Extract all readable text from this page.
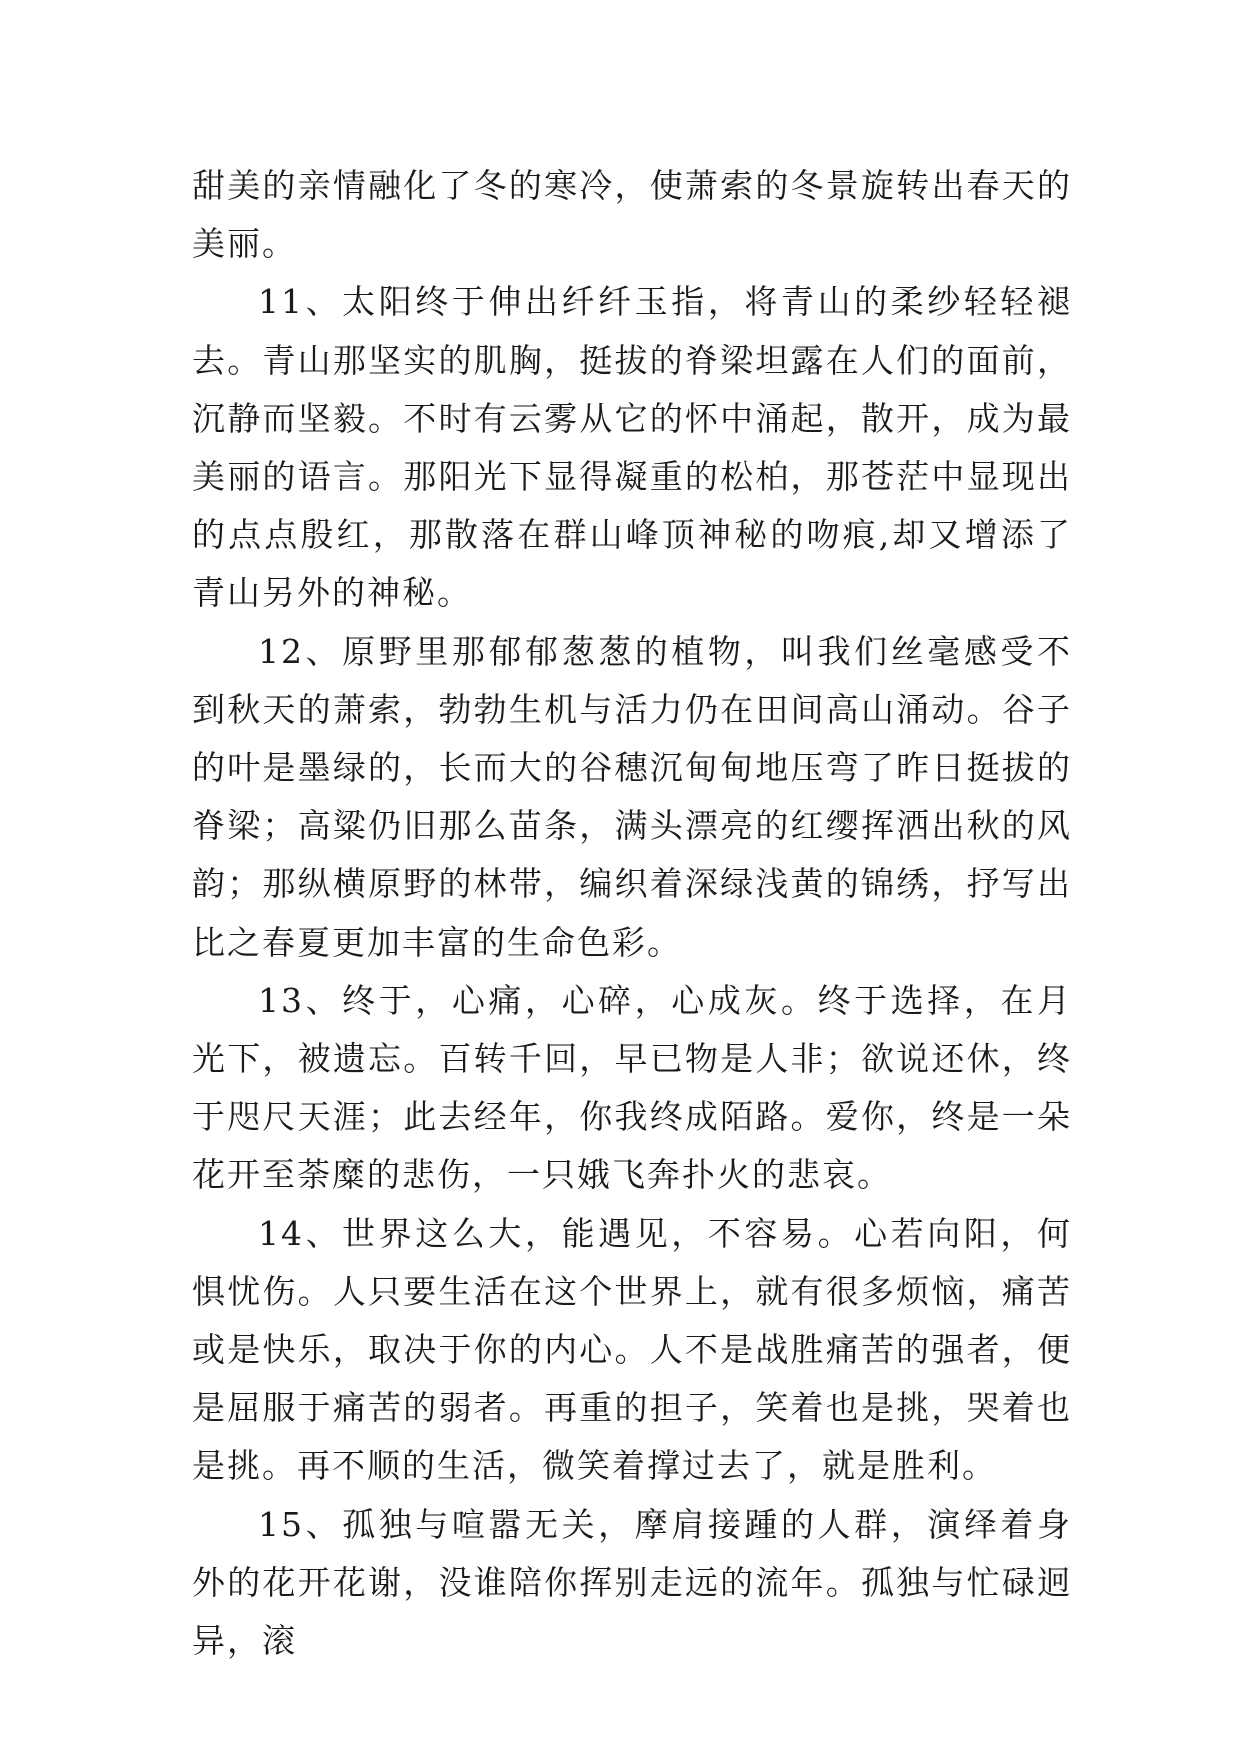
甜美的亲情融化了冬的寒冷，使萧索的冬景旋转出春天的美丽。

11、太阳终于伸出纤纤玉指，将青山的柔纱轻轻褪去。青山那坚实的肌胸，挺拔的脊梁坦露在人们的面前，沉静而坚毅。不时有云雾从它的怀中涌起，散开，成为最美丽的语言。那阳光下显得凝重的松柏，那苍茫中显现出的点点殷红，那散落在群山峰顶神秘的吻痕,却又增添了青山另外的神秘。

12、原野里那郁郁葱葱的植物，叫我们丝毫感受不到秋天的萧索，勃勃生机与活力仍在田间高山涌动。谷子的叶是墨绿的，长而大的谷穗沉甸甸地压弯了昨日挺拔的脊梁；高粱仍旧那么苗条，满头漂亮的红缨挥洒出秋的风韵；那纵横原野的林带，编织着深绿浅黄的锦绣，抒写出比之春夏更加丰富的生命色彩。

13、终于，心痛，心碎，心成灰。终于选择，在月光下，被遗忘。百转千回，早已物是人非；欲说还休，终于咫尺天涯；此去经年，你我终成陌路。爱你，终是一朵花开至荼糜的悲伤，一只娥飞奔扑火的悲哀。

14、世界这么大，能遇见，不容易。心若向阳，何惧忧伤。人只要生活在这个世界上，就有很多烦恼，痛苦或是快乐，取决于你的内心。人不是战胜痛苦的强者，便是屈服于痛苦的弱者。再重的担子，笑着也是挑，哭着也是挑。再不顺的生活，微笑着撑过去了，就是胜利。

15、孤独与喧嚣无关，摩肩接踵的人群，演绎着身外的花开花谢，没谁陪你挥别走远的流年。孤独与忙碌迥异，滚
